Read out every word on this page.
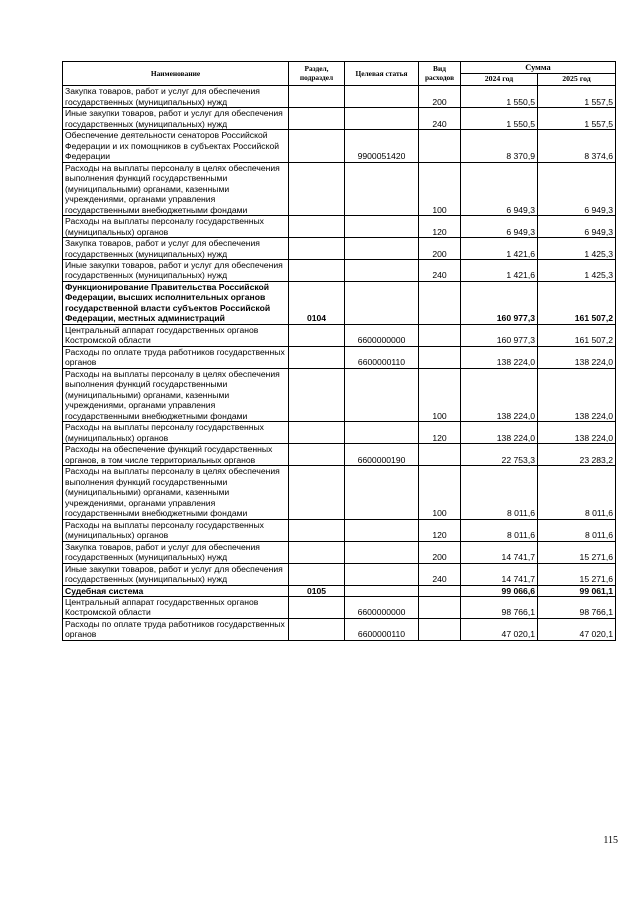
Наименование	Раздел, подраздел	Целевая статья	Вид расходов	Сумма	
				2024 год	2025 год
Закупка товаров, работ и услуг для обеспечения государственных (муниципальных) нужд			200	1 550,5	1 557,5
Иные закупки товаров, работ и услуг для обеспечения государственных (муниципальных) нужд			240	1 550,5	1 557,5
Обеспечение деятельности сенаторов Российской Федерации и их помощников в субъектах Российской Федерации		9900051420		8 370,9	8 374,6
Расходы на выплаты персоналу в целях обеспечения выполнения функций государственными (муниципальными) органами, казенными учреждениями, органами управления государственными внебюджетными фондами			100	6 949,3	6 949,3
Расходы на выплаты персоналу государственных (муниципальных) органов			120	6 949,3	6 949,3
Закупка товаров, работ и услуг для обеспечения государственных (муниципальных) нужд			200	1 421,6	1 425,3
Иные закупки товаров, работ и услуг для обеспечения государственных (муниципальных) нужд			240	1 421,6	1 425,3
Функционирование Правительства Российской Федерации, высших исполнительных органов государственной власти субъектов Российской Федерации, местных администраций	0104			160 977,3	161 507,2
Центральный аппарат государственных органов Костромской области		6600000000		160 977,3	161 507,2
Расходы по оплате труда работников государственных органов		6600000110		138 224,0	138 224,0
Расходы на выплаты персоналу в целях обеспечения выполнения функций государственными (муниципальными) органами, казенными учреждениями, органами управления государственными внебюджетными фондами			100	138 224,0	138 224,0
Расходы на выплаты персоналу государственных (муниципальных) органов			120	138 224,0	138 224,0
Расходы на обеспечение функций государственных органов, в том числе территориальных органов		6600000190		22 753,3	23 283,2
Расходы на выплаты персоналу в целях обеспечения выполнения функций государственными (муниципальными) органами, казенными учреждениями, органами управления государственными внебюджетными фондами			100	8 011,6	8 011,6
Расходы на выплаты персоналу государственных (муниципальных) органов			120	8 011,6	8 011,6
Закупка товаров, работ и услуг для обеспечения государственных (муниципальных) нужд			200	14 741,7	15 271,6
Иные закупки товаров, работ и услуг для обеспечения государственных (муниципальных) нужд			240	14 741,7	15 271,6
Судебная система	0105			99 066,6	99 061,1
Центральный аппарат государственных органов Костромской области		6600000000		98 766,1	98 766,1
Расходы по оплате труда работников государственных органов		6600000110		47 020,1	47 020,1
115
